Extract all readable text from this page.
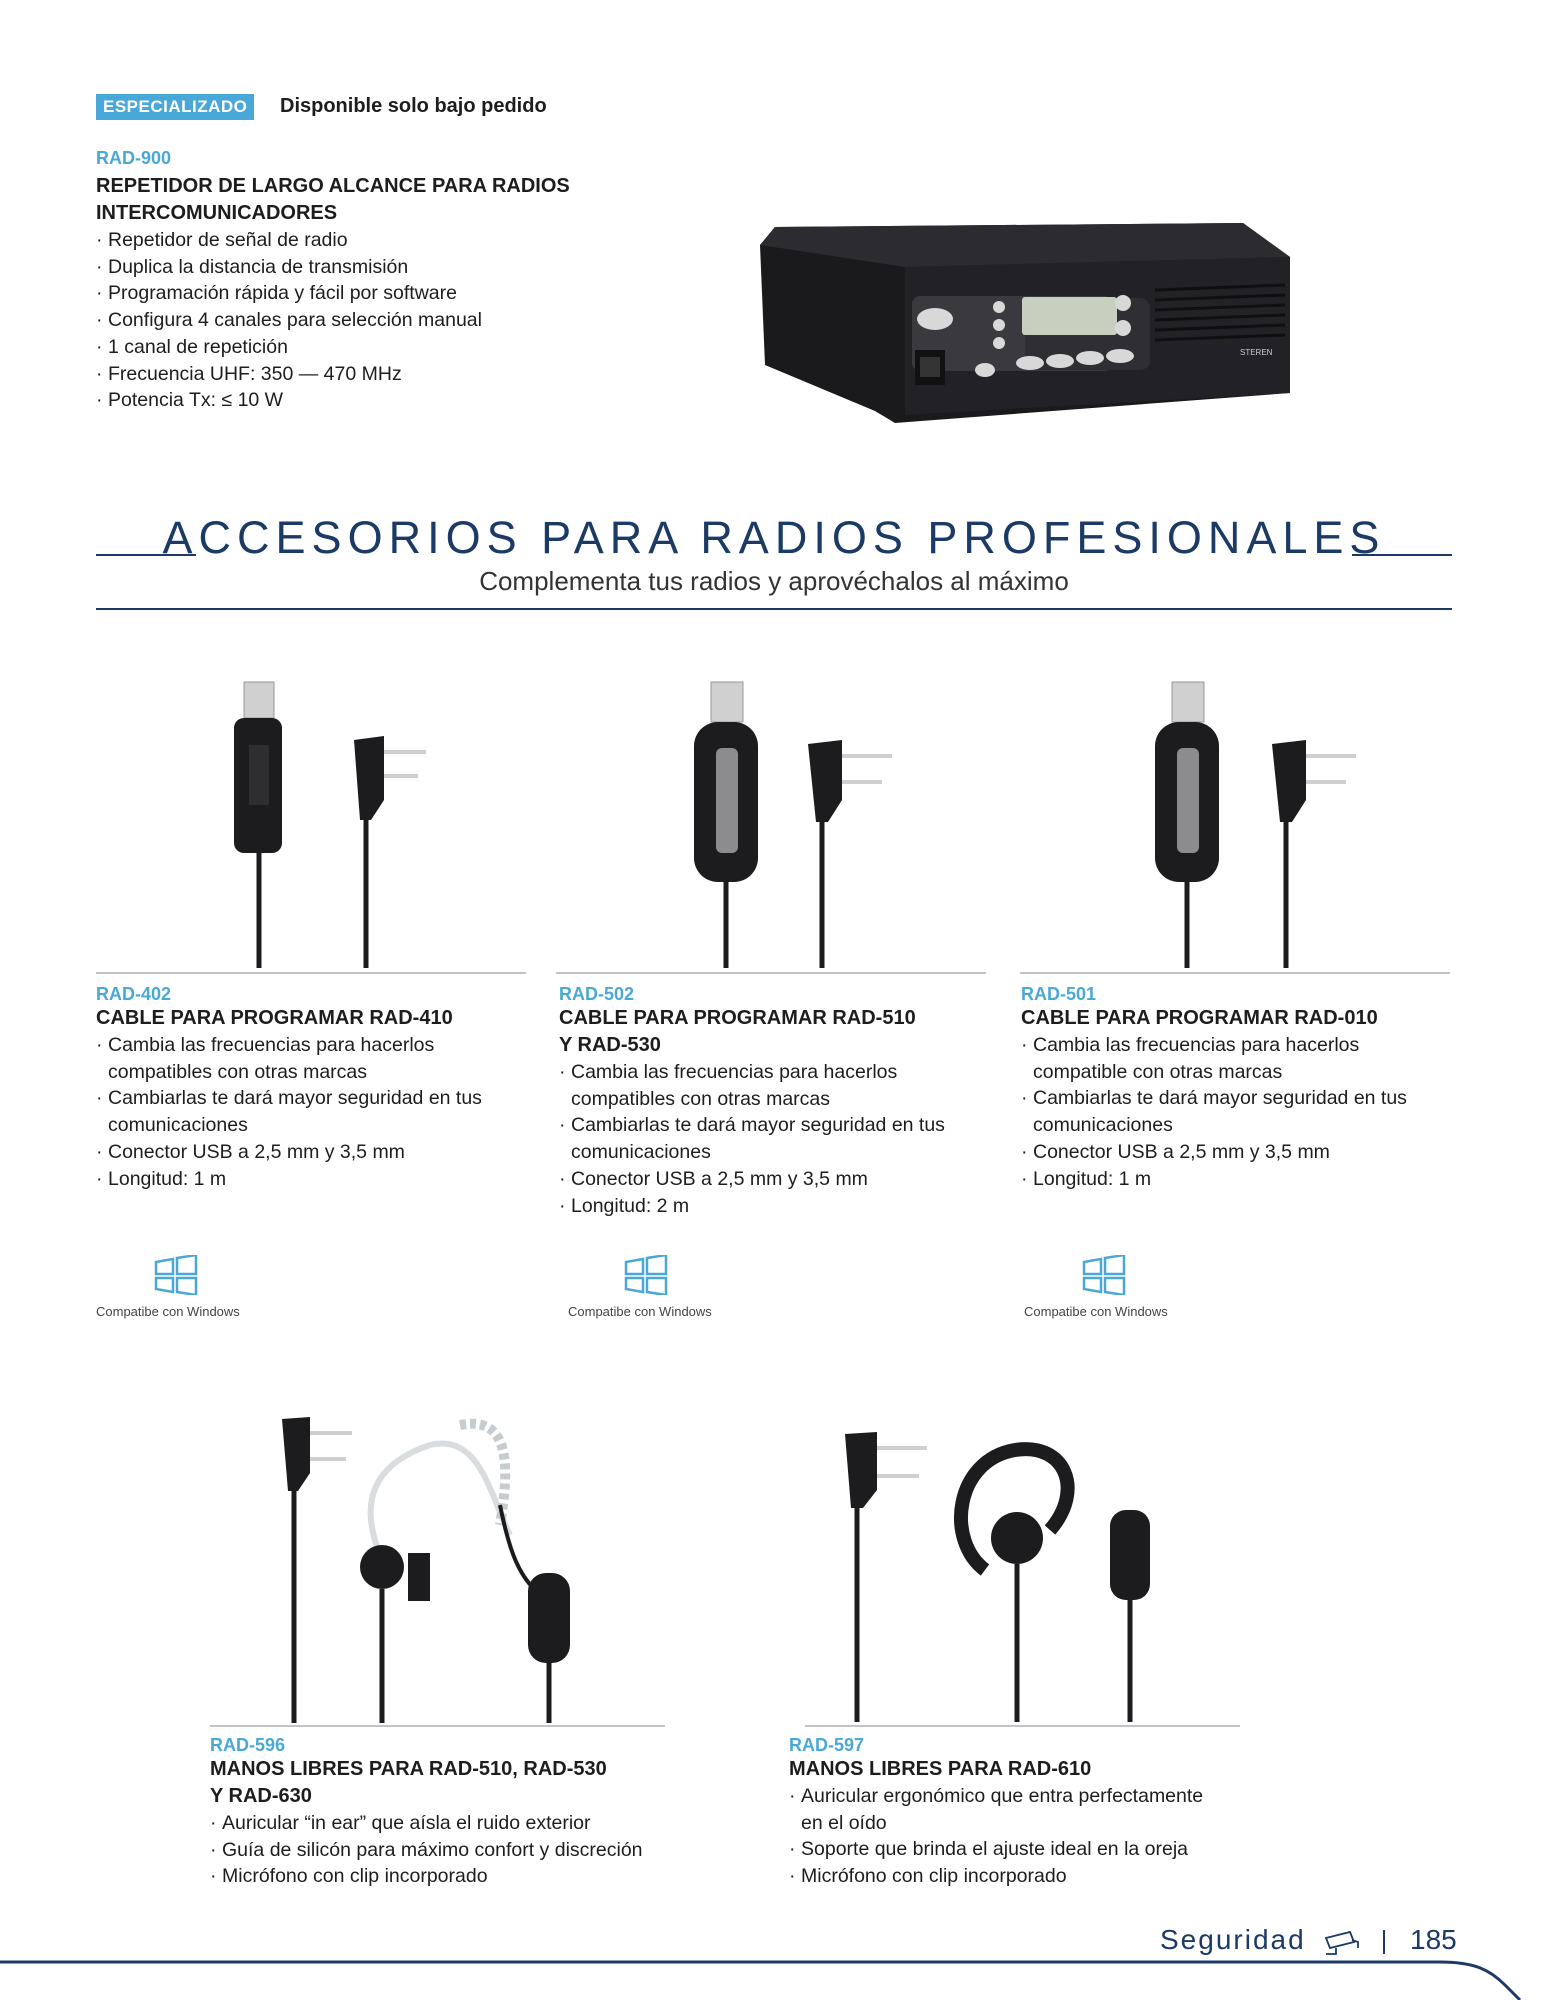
ESPECIALIZADO	Disponible solo bajo pedido
RAD-900
REPETIDOR DE LARGO ALCANCE PARA RADIOS
INTERCOMUNICADORES
· Repetidor de señal de radio
· Duplica la distancia de transmisión
· Programación rápida y fácil por software
· Configura 4 canales para selección manual
· 1 canal de repetición
· Frecuencia UHF: 350 — 470 MHz
· Potencia Tx: ≤ 10 W
STEREN
ACCESORIOS PARA RADIOS PROFESIONALES
Complementa tus radios y aprovéchalos al máximo
RAD-402
CABLE PARA PROGRAMAR RAD-410
· Cambia las frecuencias para hacerlos compatibles con otras marcas
· Cambiarlas te dará mayor seguridad en tus comunicaciones
· Conector USB a 2,5 mm y 3,5 mm
· Longitud: 1 m
RAD-502
CABLE PARA PROGRAMAR RAD-510
Y RAD-530
· Cambia las frecuencias para hacerlos compatibles con otras marcas
· Cambiarlas te dará mayor seguridad en tus comunicaciones
· Conector USB a 2,5 mm y 3,5 mm
· Longitud: 2 m
RAD-501
CABLE PARA PROGRAMAR RAD-010
· Cambia las frecuencias para hacerlos compatible con otras marcas
· Cambiarlas te dará mayor seguridad en tus comunicaciones
· Conector USB a 2,5 mm y 3,5 mm
· Longitud: 1 m
Compatibe con Windows	Compatibe con Windows	Compatibe con Windows
RAD-596
MANOS LIBRES PARA RAD-510, RAD-530
Y RAD-630
· Auricular “in ear” que aísla el ruido exterior
· Guía de silicón para máximo confort y discreción
· Micrófono con clip incorporado
RAD-597
MANOS LIBRES PARA RAD-610
· Auricular ergonómico que entra perfectamente en el oído
· Soporte que brinda el ajuste ideal en la oreja
· Micrófono con clip incorporado
Seguridad	185
